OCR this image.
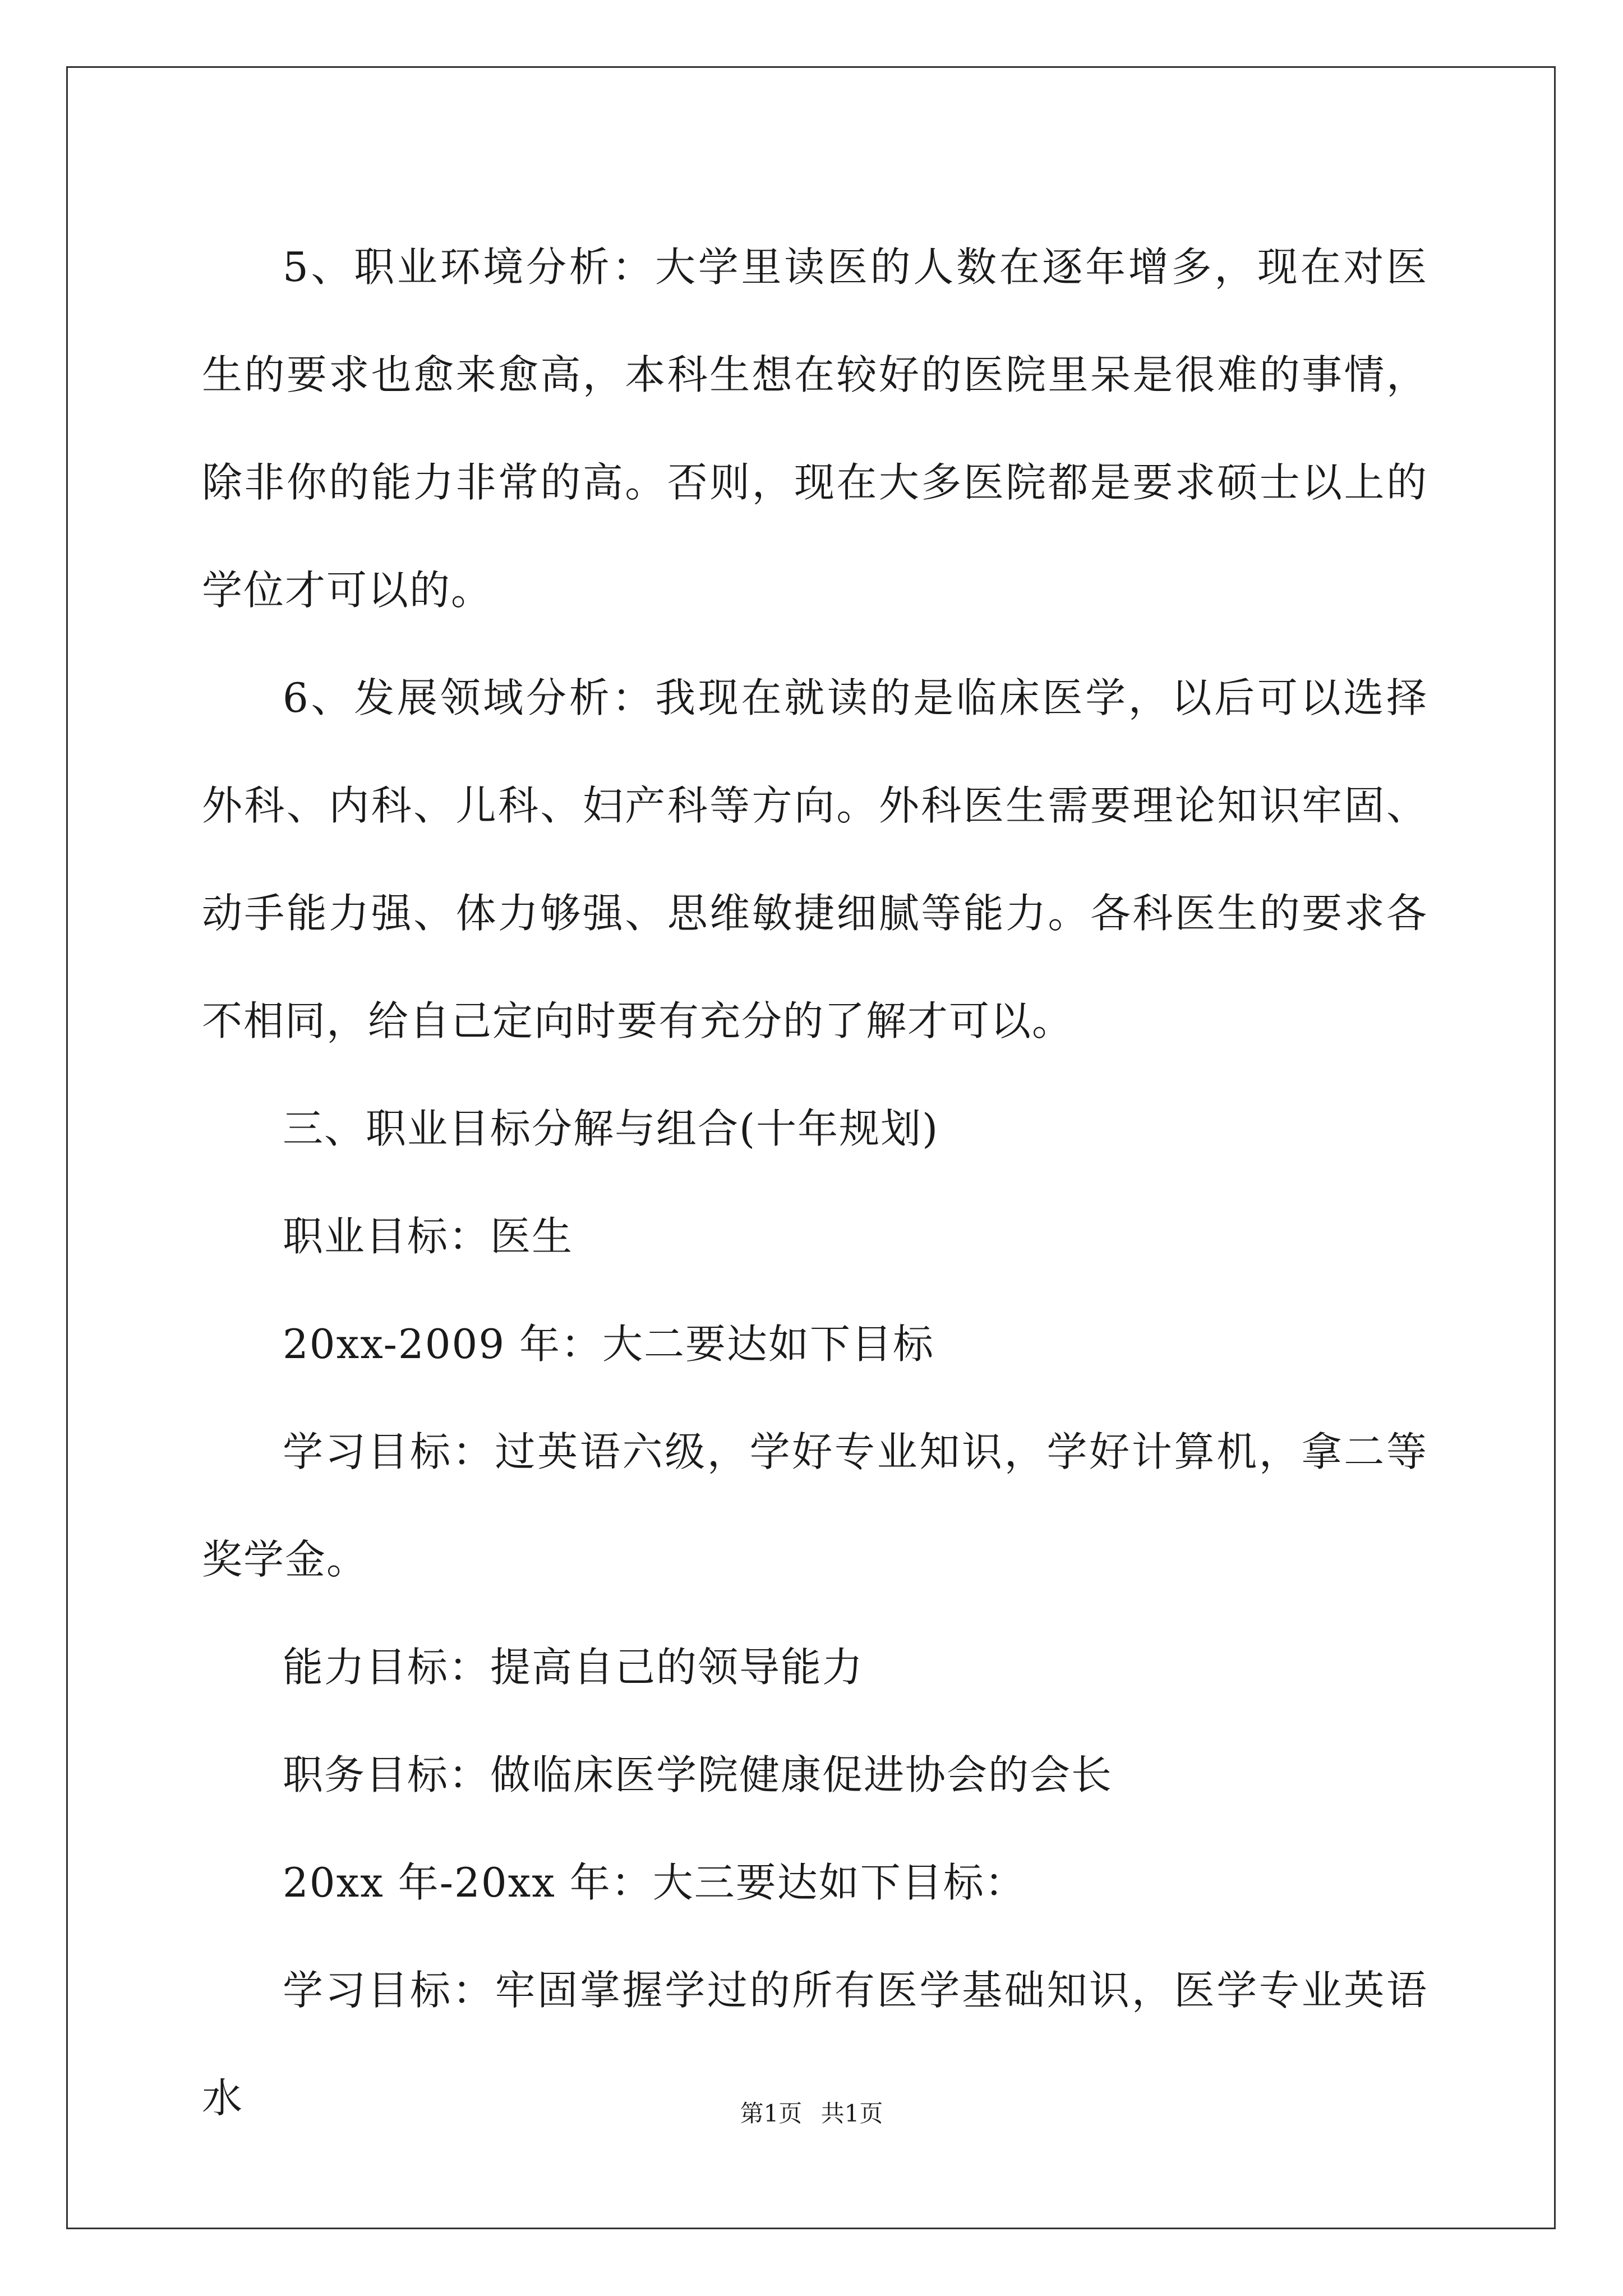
5、职业环境分析：大学里读医的人数在逐年增多，现在对医生的要求也愈来愈高，本科生想在较好的医院里呆是很难的事情，除非你的能力非常的高。否则，现在大多医院都是要求硕士以上的学位才可以的。

6、发展领域分析：我现在就读的是临床医学，以后可以选择外科、内科、儿科、妇产科等方向。外科医生需要理论知识牢固、动手能力强、体力够强、思维敏捷细腻等能力。各科医生的要求各不相同，给自己定向时要有充分的了解才可以。

三、职业目标分解与组合(十年规划)

职业目标：医生

20xx-2009 年：大二要达如下目标

学习目标：过英语六级，学好专业知识，学好计算机，拿二等奖学金。

能力目标：提高自己的领导能力

职务目标：做临床医学院健康促进协会的会长

20xx 年-20xx 年：大三要达如下目标：

学习目标：牢固掌握学过的所有医学基础知识，医学专业英语水	第1页 共1页
